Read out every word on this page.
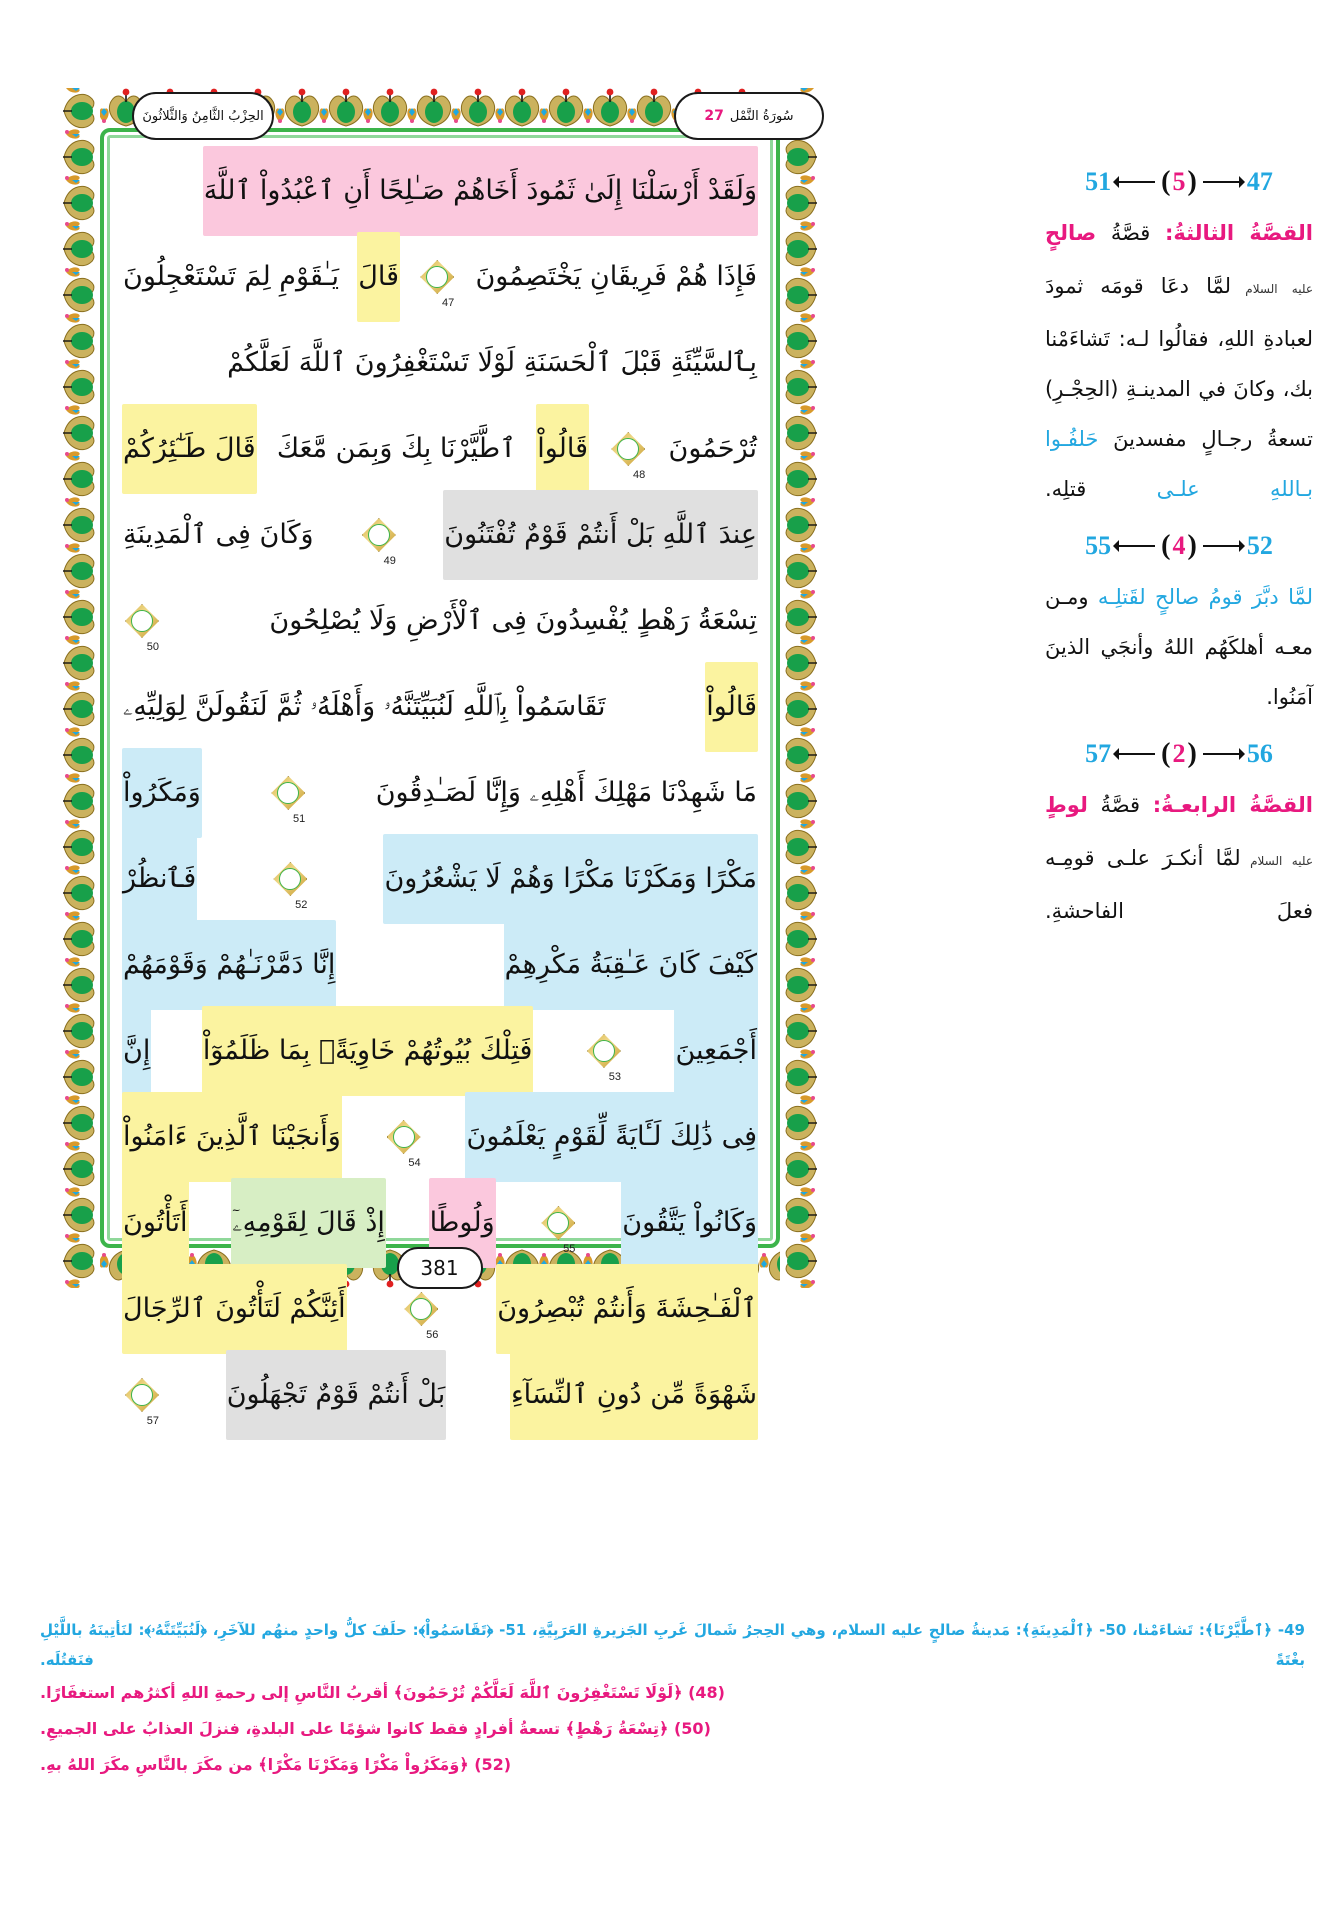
الحِزْبُ الثَّامِنُ وَالثَّلاثُونَ	27 سُورَةُ النَّمْل
وَلَقَدْ أَرْسَلْنَا إِلَىٰ ثَمُودَ أَخَاهُمْ صَـٰلِحًا أَنِ ٱعْبُدُواْ ٱللَّهَ
فَإِذَا هُمْ فَرِيقَانِ يَخْتَصِمُونَ
47
قَالَ
يَـٰقَوْمِ لِمَ تَسْتَعْجِلُونَ
بِٱلسَّيِّئَةِ قَبْلَ ٱلْحَسَنَةِ لَوْلَا تَسْتَغْفِرُونَ ٱللَّهَ لَعَلَّكُمْ
تُرْحَمُونَ
48
قَالُواْ
ٱطَّيَّرْنَا بِكَ وَبِمَن مَّعَكَ
قَالَ طَـٰٓئِرُكُمْ
عِندَ ٱللَّهِ بَلْ أَنتُمْ قَوْمٌ تُفْتَنُونَ
49
وَكَانَ فِى ٱلْمَدِينَةِ
تِسْعَةُ رَهْطٍ يُفْسِدُونَ فِى ٱلْأَرْضِ وَلَا يُصْلِحُونَ
50
قَالُواْ
تَقَاسَمُواْ بِٱللَّهِ لَنُبَيِّتَنَّهُۥ وَأَهْلَهُۥ ثُمَّ لَنَقُولَنَّ لِوَلِيِّهِۦ
مَا شَهِدْنَا مَهْلِكَ أَهْلِهِۦ وَإِنَّا لَصَـٰدِقُونَ
51
وَمَكَرُواْ
مَكْرًا وَمَكَرْنَا مَكْرًا وَهُمْ لَا يَشْعُرُونَ
52
فَٱنظُرْ
كَيْفَ كَانَ عَـٰقِبَةُ مَكْرِهِمْ
إِنَّا دَمَّرْنَـٰهُمْ وَقَوْمَهُمْ
أَجْمَعِينَ
53
فَتِلْكَ بُيُوتُهُمْ خَاوِيَةًۢ بِمَا ظَلَمُوٓاْ
إِنَّ
فِى ذَٰلِكَ لَـَٔايَةً لِّقَوْمٍ يَعْلَمُونَ
54
وَأَنجَيْنَا ٱلَّذِينَ ءَامَنُواْ
وَكَانُواْ يَتَّقُونَ
55
وَلُوطًا
إِذْ قَالَ لِقَوْمِهِۦٓ
أَتَأْتُونَ
ٱلْفَـٰحِشَةَ وَأَنتُمْ تُبْصِرُونَ
56
أَئِنَّكُمْ لَتَأْتُونَ ٱلرِّجَالَ
شَهْوَةً مِّن دُونِ ٱلنِّسَآءِ
بَلْ أَنتُمْ قَوْمٌ تَجْهَلُونَ
57
381
51 ( 5 ) 47

القصَّةُ الثالثةُ: قصَّةُ صالحٍ عليه السلام لمَّا دعَا قومَه ثمودَ لعبادةِ اللهِ، فقالُوا لـه: تَشاءَمْنا بك، وكانَ في المدينـةِ (الحِجْـرِ) تسعةُ رجـالٍ مفسدينَ حَلفُـوا بـاللهِ علـى قتلِه.

55 ( 4 ) 52

لمَّا دبَّرَ قومُ صالحٍ لقَتلِـه ومـن معـه أهلكَهُم اللهُ وأنجَي الذينَ آمَنُوا.

57 ( 2 ) 56

القصَّةُ الرابعـةُ: قصَّةُ لوطٍ عليه السلام لمَّا أنكـرَ علـى قومِـه فعلَ الفاحشةِ.

49- ﴿ٱطَّيَّرْنَا﴾: تَشاءَمْنا، 50- ﴿ٱلْمَدِينَةِ﴾: مَدينةُ صالحٍ عليه السلام، وهي الحِجرُ شَمالَ غَربِ الجَزيرةِ العَرَبِيَّةِ، 51- ﴿تَقَاسَمُواْ﴾: حلَفَ كلُّ واحدٍ منهُم للآخَرِ، ﴿لَنُبَيِّتَنَّهُۥ﴾: لنَأتِينَهُ باللَّيْلِ بغْتَةً فنَقتُلَه.
(48) ﴿لَوْلَا تَسْتَغْفِرُونَ ٱللَّهَ لَعَلَّكُمْ تُرْحَمُونَ﴾ أقربُ النَّاسِ إلى رحمةِ اللهِ أكثرُهم استغفَارًا.
(50) ﴿تِسْعَةُ رَهْطٍ﴾ تسعةُ أفرادٍ فقط كانوا شؤمًا على البلدةِ، فنزلَ العذابُ على الجميعِ.
(52) ﴿وَمَكَرُواْ مَكْرًا وَمَكَرْنَا مَكْرًا﴾ من مكَرَ بالنَّاسِ مكَرَ اللهُ بهِ.
